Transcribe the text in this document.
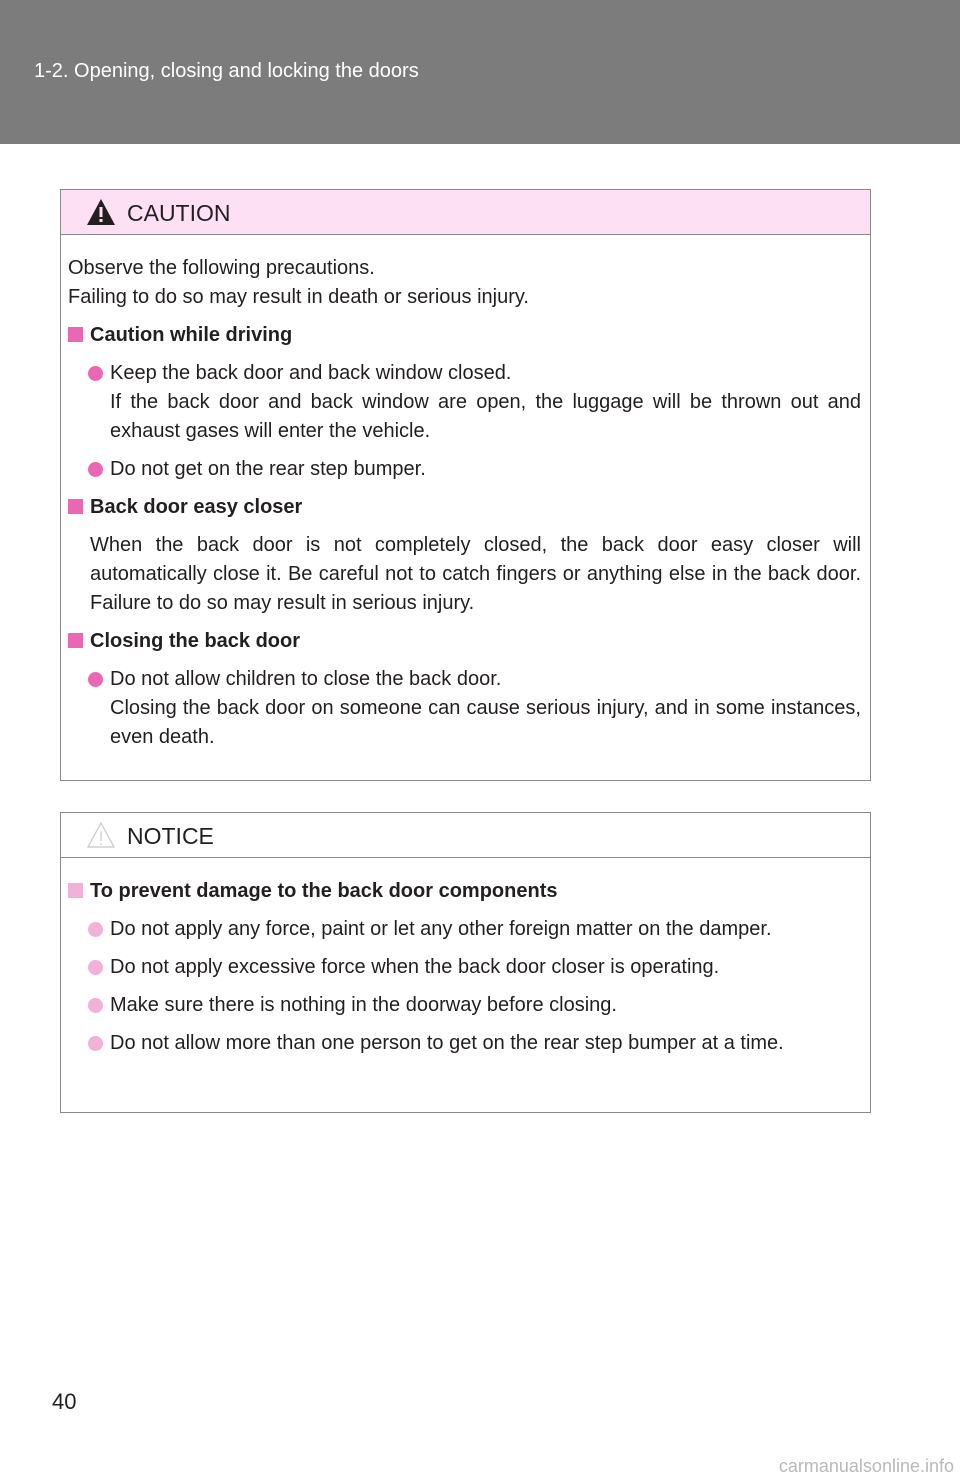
1-2. Opening, closing and locking the doors
CAUTION
Observe the following precautions.
Failing to do so may result in death or serious injury.
Caution while driving
Keep the back door and back window closed.
If the back door and back window are open, the luggage will be thrown out and exhaust gases will enter the vehicle.
Do not get on the rear step bumper.
Back door easy closer
When the back door is not completely closed, the back door easy closer will automatically close it. Be careful not to catch fingers or anything else in the back door. Failure to do so may result in serious injury.
Closing the back door
Do not allow children to close the back door.
Closing the back door on someone can cause serious injury, and in some instances, even death.
NOTICE
To prevent damage to the back door components
Do not apply any force, paint or let any other foreign matter on the damper.
Do not apply excessive force when the back door closer is operating.
Make sure there is nothing in the doorway before closing.
Do not allow more than one person to get on the rear step bumper at a time.
40
carmanualsonline.info
